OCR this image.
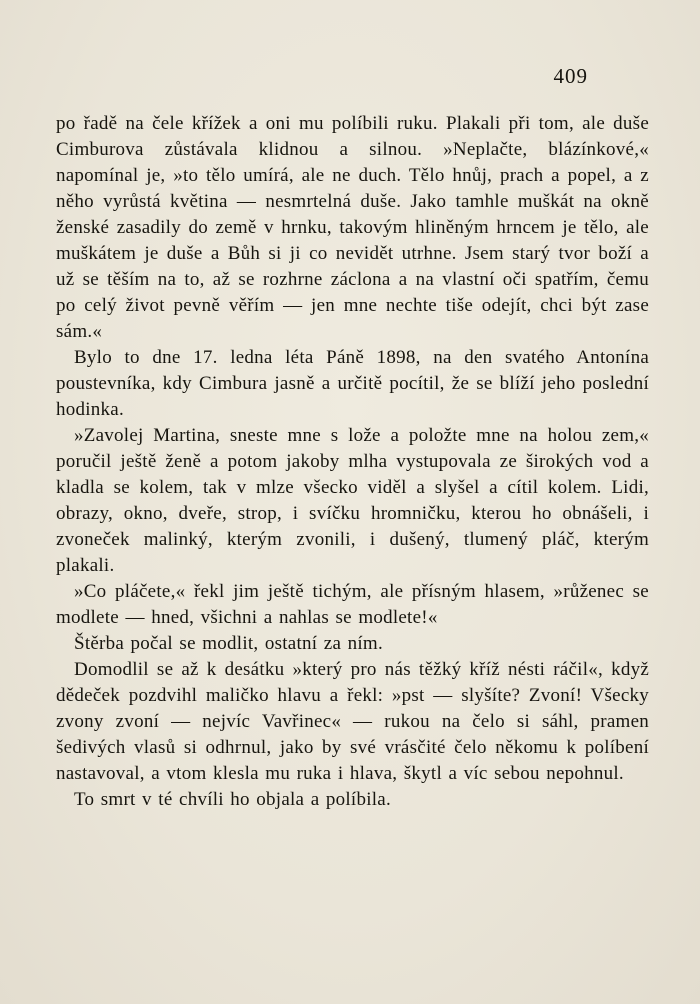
409

po řadě na čele křížek a oni mu políbili ruku. Plakali při tom, ale duše Cimburova zůstávala klidnou a silnou. »Neplačte, blázínkové,« napomínal je, »to tělo umírá, ale ne duch. Tělo hnůj, prach a popel, a z něho vyrůstá květina — nesmrtelná duše. Jako tamhle muškát na okně ženské zasadily do země v hrnku, takovým hliněným hrncem je tělo, ale muškátem je duše a Bůh si ji co nevidět utrhne. Jsem starý tvor boží a už se těším na to, až se rozhrne záclona a na vlastní oči spatřím, čemu po celý život pevně věřím — jen mne nechte tiše odejít, chci být zase sám.«

Bylo to dne 17. ledna léta Páně 1898, na den svatého Antonína poustevníka, kdy Cimbura jasně a určitě pocítil, že se blíží jeho poslední hodinka.

»Zavolej Martina, sneste mne s lože a položte mne na holou zem,« poručil ještě ženě a potom jakoby mlha vystupovala ze širokých vod a kladla se kolem, tak v mlze všecko viděl a slyšel a cítil kolem. Lidi, obrazy, okno, dveře, strop, i svíčku hromničku, kterou ho obnášeli, i zvoneček malinký, kterým zvonili, i dušený, tlumený pláč, kterým plakali.

»Co pláčete,« řekl jim ještě tichým, ale přísným hlasem, »růženec se modlete — hned, všichni a nahlas se modlete!«

Štěrba počal se modlit, ostatní za ním.

Domodlil se až k desátku »který pro nás těžký kříž nésti ráčil«, když dědeček pozdvihl maličko hlavu a řekl: »pst — slyšíte? Zvoní! Všecky zvony zvoní — nejvíc Vavřinec« — rukou na čelo si sáhl, pramen šedivých vlasů si odhrnul, jako by své vrásčité čelo někomu k políbení nastavoval, a vtom klesla mu ruka i hlava, škytl a víc sebou nepohnul.

To smrt v té chvíli ho objala a políbila.
